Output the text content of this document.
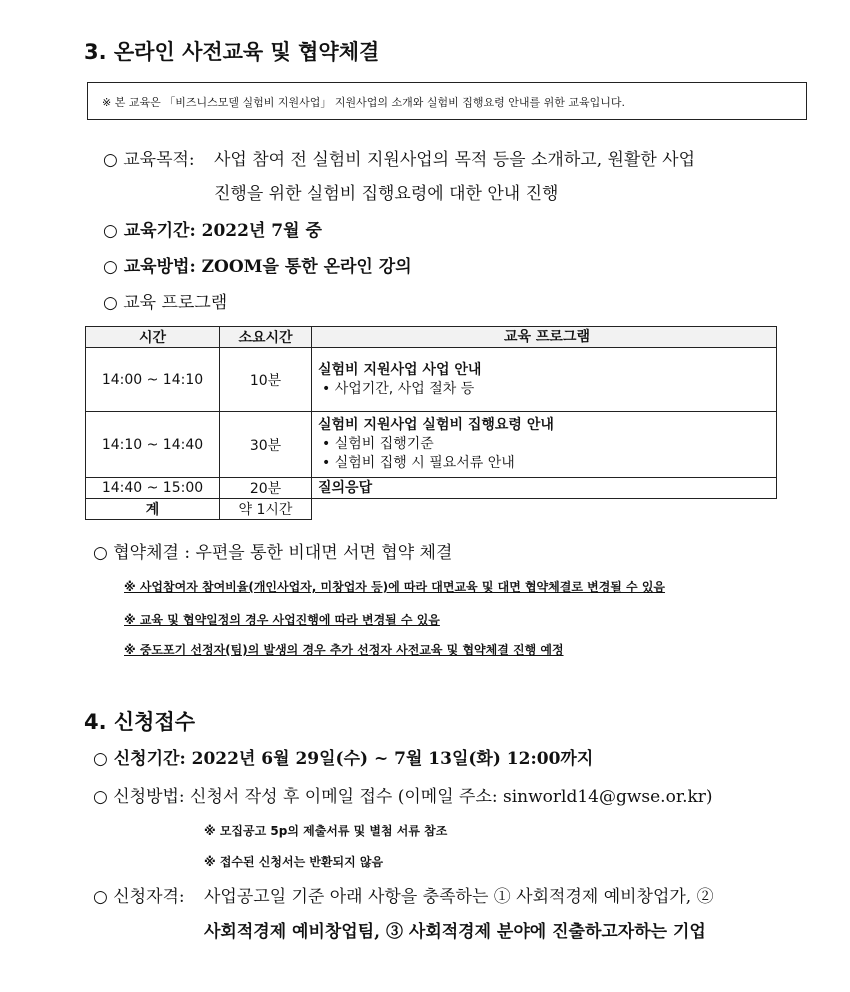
3. 온라인 사전교육 및 협약체결
※ 본 교육은 「비즈니스모델 실험비 지원사업」 지원사업의 소개와 실험비 집행요령 안내를 위한 교육입니다.
○ 교육목적: 사업 참여 전 실험비 지원사업의 목적 등을 소개하고, 원활한 사업
진행을 위한 실험비 집행요령에 대한 안내 진행
○ 교육기간: 2022년 7월 중
○ 교육방법: ZOOM을 통한 온라인 강의
○ 교육 프로그램
시간	소요시간	교육 프로그램
14:00 ~ 14:10	10분	실험비 지원사업 사업 안내
• 사업기간, 사업 절차 등

14:10 ~ 14:40	30분	실험비 지원사업 실험비 집행요령 안내
• 실험비 집행기준
• 실험비 집행 시 필요서류 안내

14:40 ~ 15:00	20분	질의응답

계	약 1시간	
○ 협약체결 : 우편을 통한 비대면 서면 협약 체결
※ 사업참여자 참여비율(개인사업자, 미창업자 등)에 따라 대면교육 및 대면 협약체결로 변경될 수 있음
※ 교육 및 협약일정의 경우 사업진행에 따라 변경될 수 있음
※ 중도포기 선정자(팀)의 발생의 경우 추가 선정자 사전교육 및 협약체결 진행 예정
4. 신청접수
○ 신청기간: 2022년 6월 29일(수) ~ 7월 13일(화) 12:00까지
○ 신청방법: 신청서 작성 후 이메일 접수 (이메일 주소: sinworld14@gwse.or.kr)
※ 모집공고 5p의 제출서류 및 별첨 서류 참조
※ 접수된 신청서는 반환되지 않음
○ 신청자격: 사업공고일 기준 아래 사항을 충족하는 ① 사회적경제 예비창업가, ②
사회적경제 예비창업팀, ③ 사회적경제 분야에 진출하고자하는 기업
